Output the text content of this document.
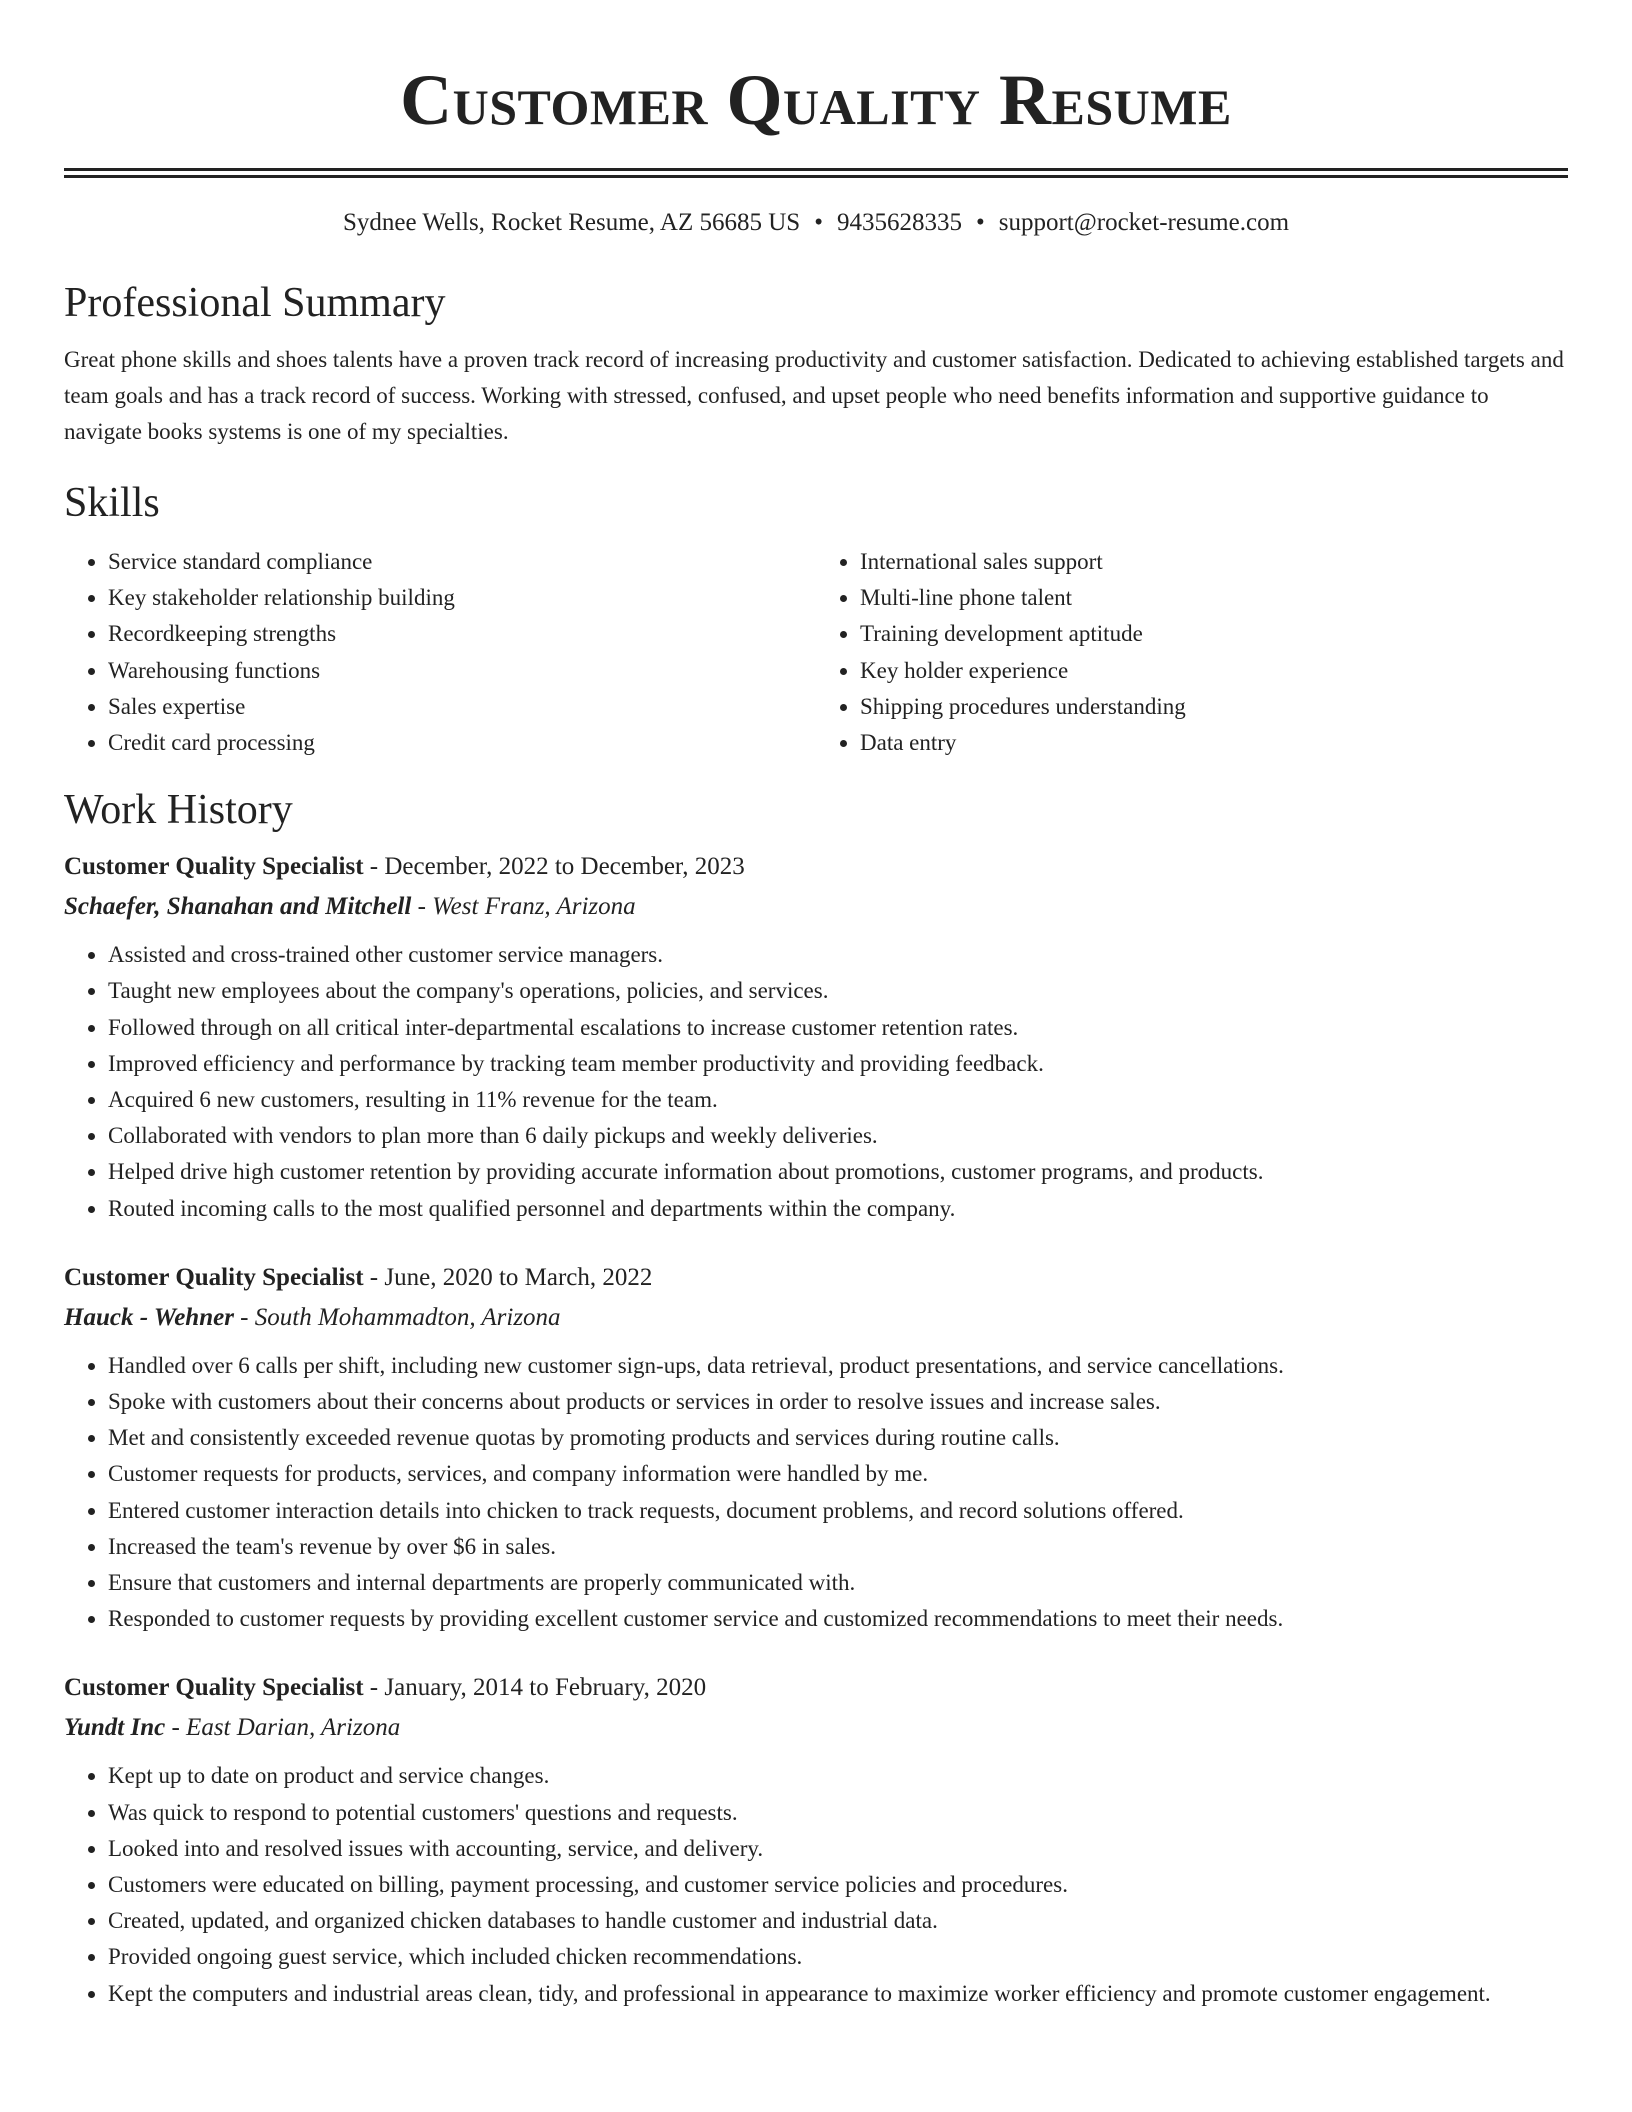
Customer Quality Resume
Sydnee Wells, Rocket Resume, AZ 56685 US • 9435628335 • support@rocket-resume.com
Professional Summary

Great phone skills and shoes talents have a proven track record of increasing productivity and customer satisfaction. Dedicated to achieving established targets and team goals and has a track record of success. Working with stressed, confused, and upset people who need benefits information and supportive guidance to navigate books systems is one of my specialties.

Skills
• Service standard compliance
• Key stakeholder relationship building
• Recordkeeping strengths
• Warehousing functions
• Sales expertise
• Credit card processing
• International sales support
• Multi-line phone talent
• Training development aptitude
• Key holder experience
• Shipping procedures understanding
• Data entry
Work History
Customer Quality Specialist - December, 2022 to December, 2023
Schaefer, Shanahan and Mitchell - West Franz, Arizona
• Assisted and cross-trained other customer service managers.
• Taught new employees about the company's operations, policies, and services.
• Followed through on all critical inter-departmental escalations to increase customer retention rates.
• Improved efficiency and performance by tracking team member productivity and providing feedback.
• Acquired 6 new customers, resulting in 11% revenue for the team.
• Collaborated with vendors to plan more than 6 daily pickups and weekly deliveries.
• Helped drive high customer retention by providing accurate information about promotions, customer programs, and products.
• Routed incoming calls to the most qualified personnel and departments within the company.
Customer Quality Specialist - June, 2020 to March, 2022
Hauck - Wehner - South Mohammadton, Arizona
• Handled over 6 calls per shift, including new customer sign-ups, data retrieval, product presentations, and service cancellations.
• Spoke with customers about their concerns about products or services in order to resolve issues and increase sales.
• Met and consistently exceeded revenue quotas by promoting products and services during routine calls.
• Customer requests for products, services, and company information were handled by me.
• Entered customer interaction details into chicken to track requests, document problems, and record solutions offered.
• Increased the team's revenue by over $6 in sales.
• Ensure that customers and internal departments are properly communicated with.
• Responded to customer requests by providing excellent customer service and customized recommendations to meet their needs.
Customer Quality Specialist - January, 2014 to February, 2020
Yundt Inc - East Darian, Arizona
• Kept up to date on product and service changes.
• Was quick to respond to potential customers' questions and requests.
• Looked into and resolved issues with accounting, service, and delivery.
• Customers were educated on billing, payment processing, and customer service policies and procedures.
• Created, updated, and organized chicken databases to handle customer and industrial data.
• Provided ongoing guest service, which included chicken recommendations.
• Kept the computers and industrial areas clean, tidy, and professional in appearance to maximize worker efficiency and promote customer engagement.
